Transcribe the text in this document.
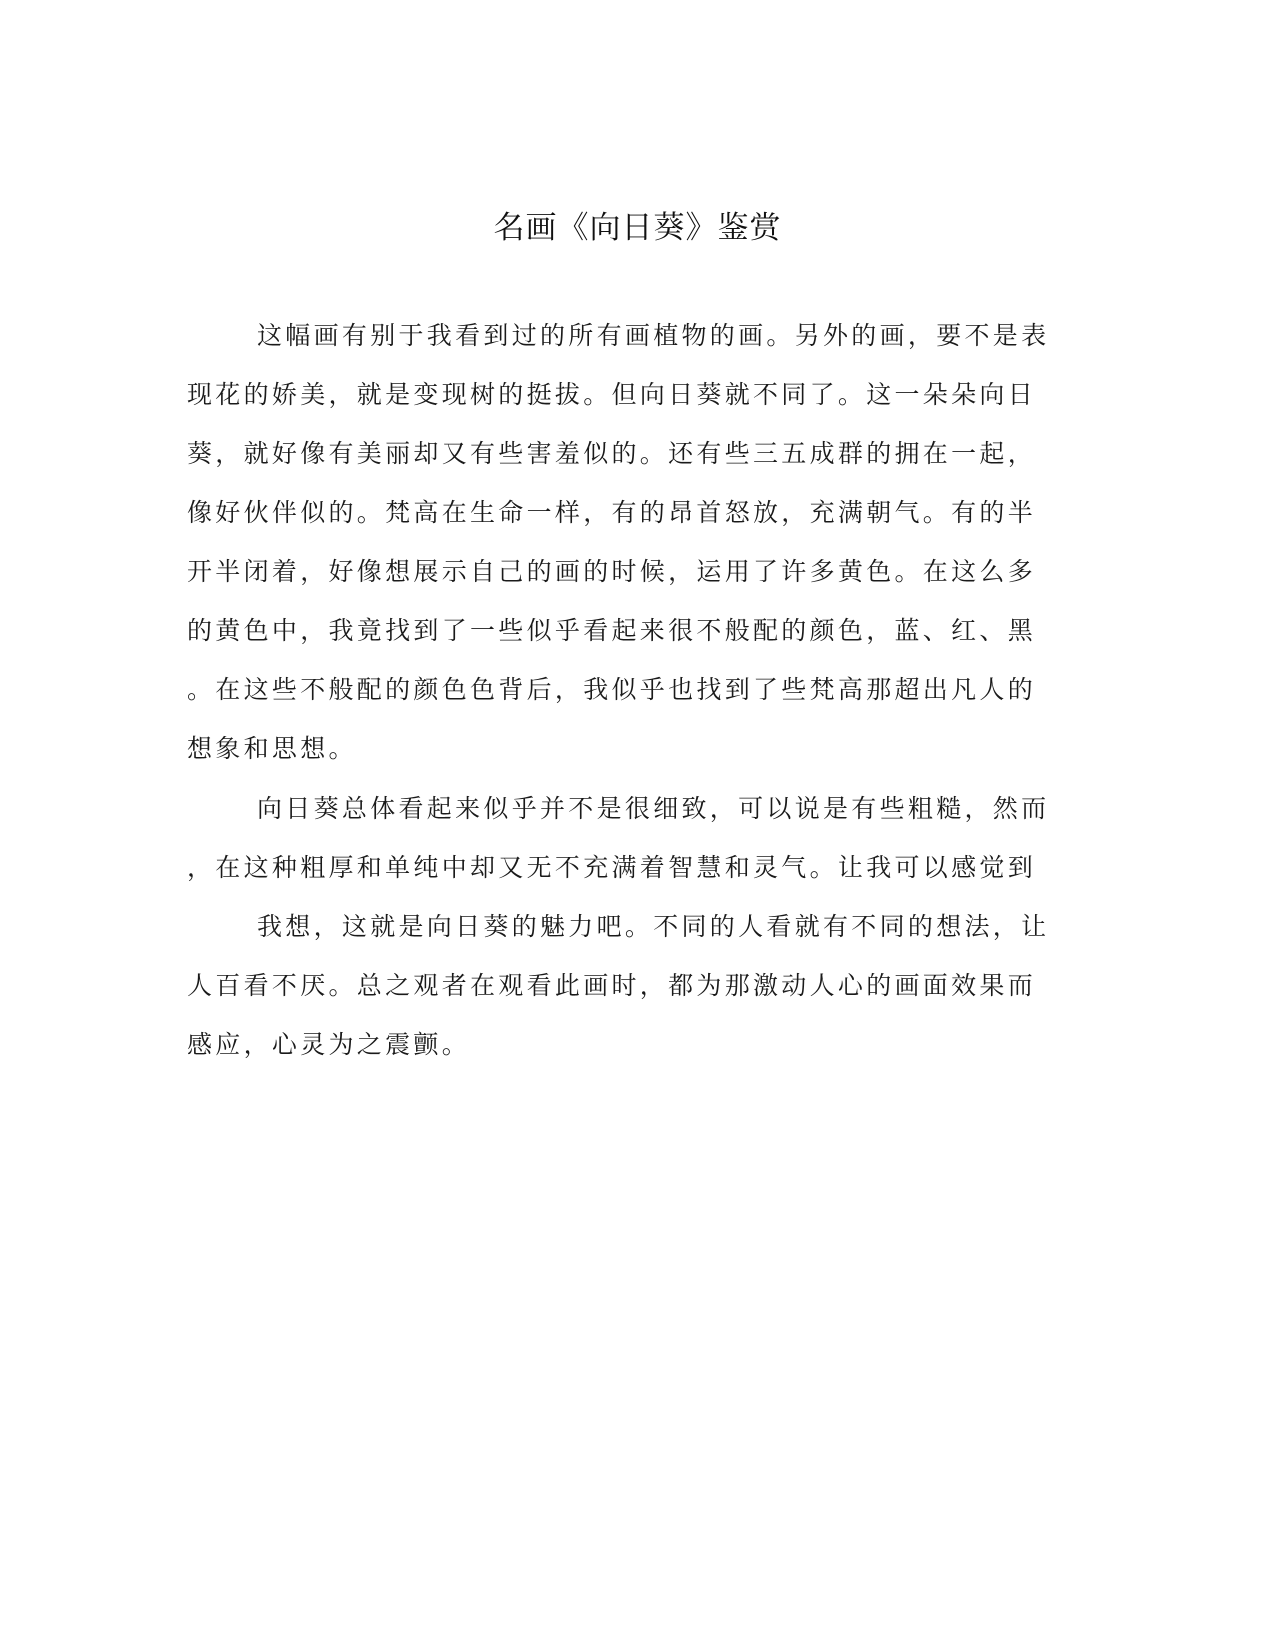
名画《向日葵》鉴赏
这幅画有别于我看到过的所有画植物的画。另外的画，要不是表
现花的娇美，就是变现树的挺拔。但向日葵就不同了。这一朵朵向日
葵，就好像有美丽却又有些害羞似的。还有些三五成群的拥在一起，
像好伙伴似的。梵高在生命一样，有的昂首怒放，充满朝气。有的半
开半闭着，好像想展示自己的画的时候，运用了许多黄色。在这么多
的黄色中，我竟找到了一些似乎看起来很不般配的颜色，蓝、红、黑
。在这些不般配的颜色色背后，我似乎也找到了些梵高那超出凡人的
想象和思想。
向日葵总体看起来似乎并不是很细致，可以说是有些粗糙，然而
，在这种粗厚和单纯中却又无不充满着智慧和灵气。让我可以感觉到
我想，这就是向日葵的魅力吧。不同的人看就有不同的想法，让
人百看不厌。总之观者在观看此画时，都为那激动人心的画面效果而
感应，心灵为之震颤。
